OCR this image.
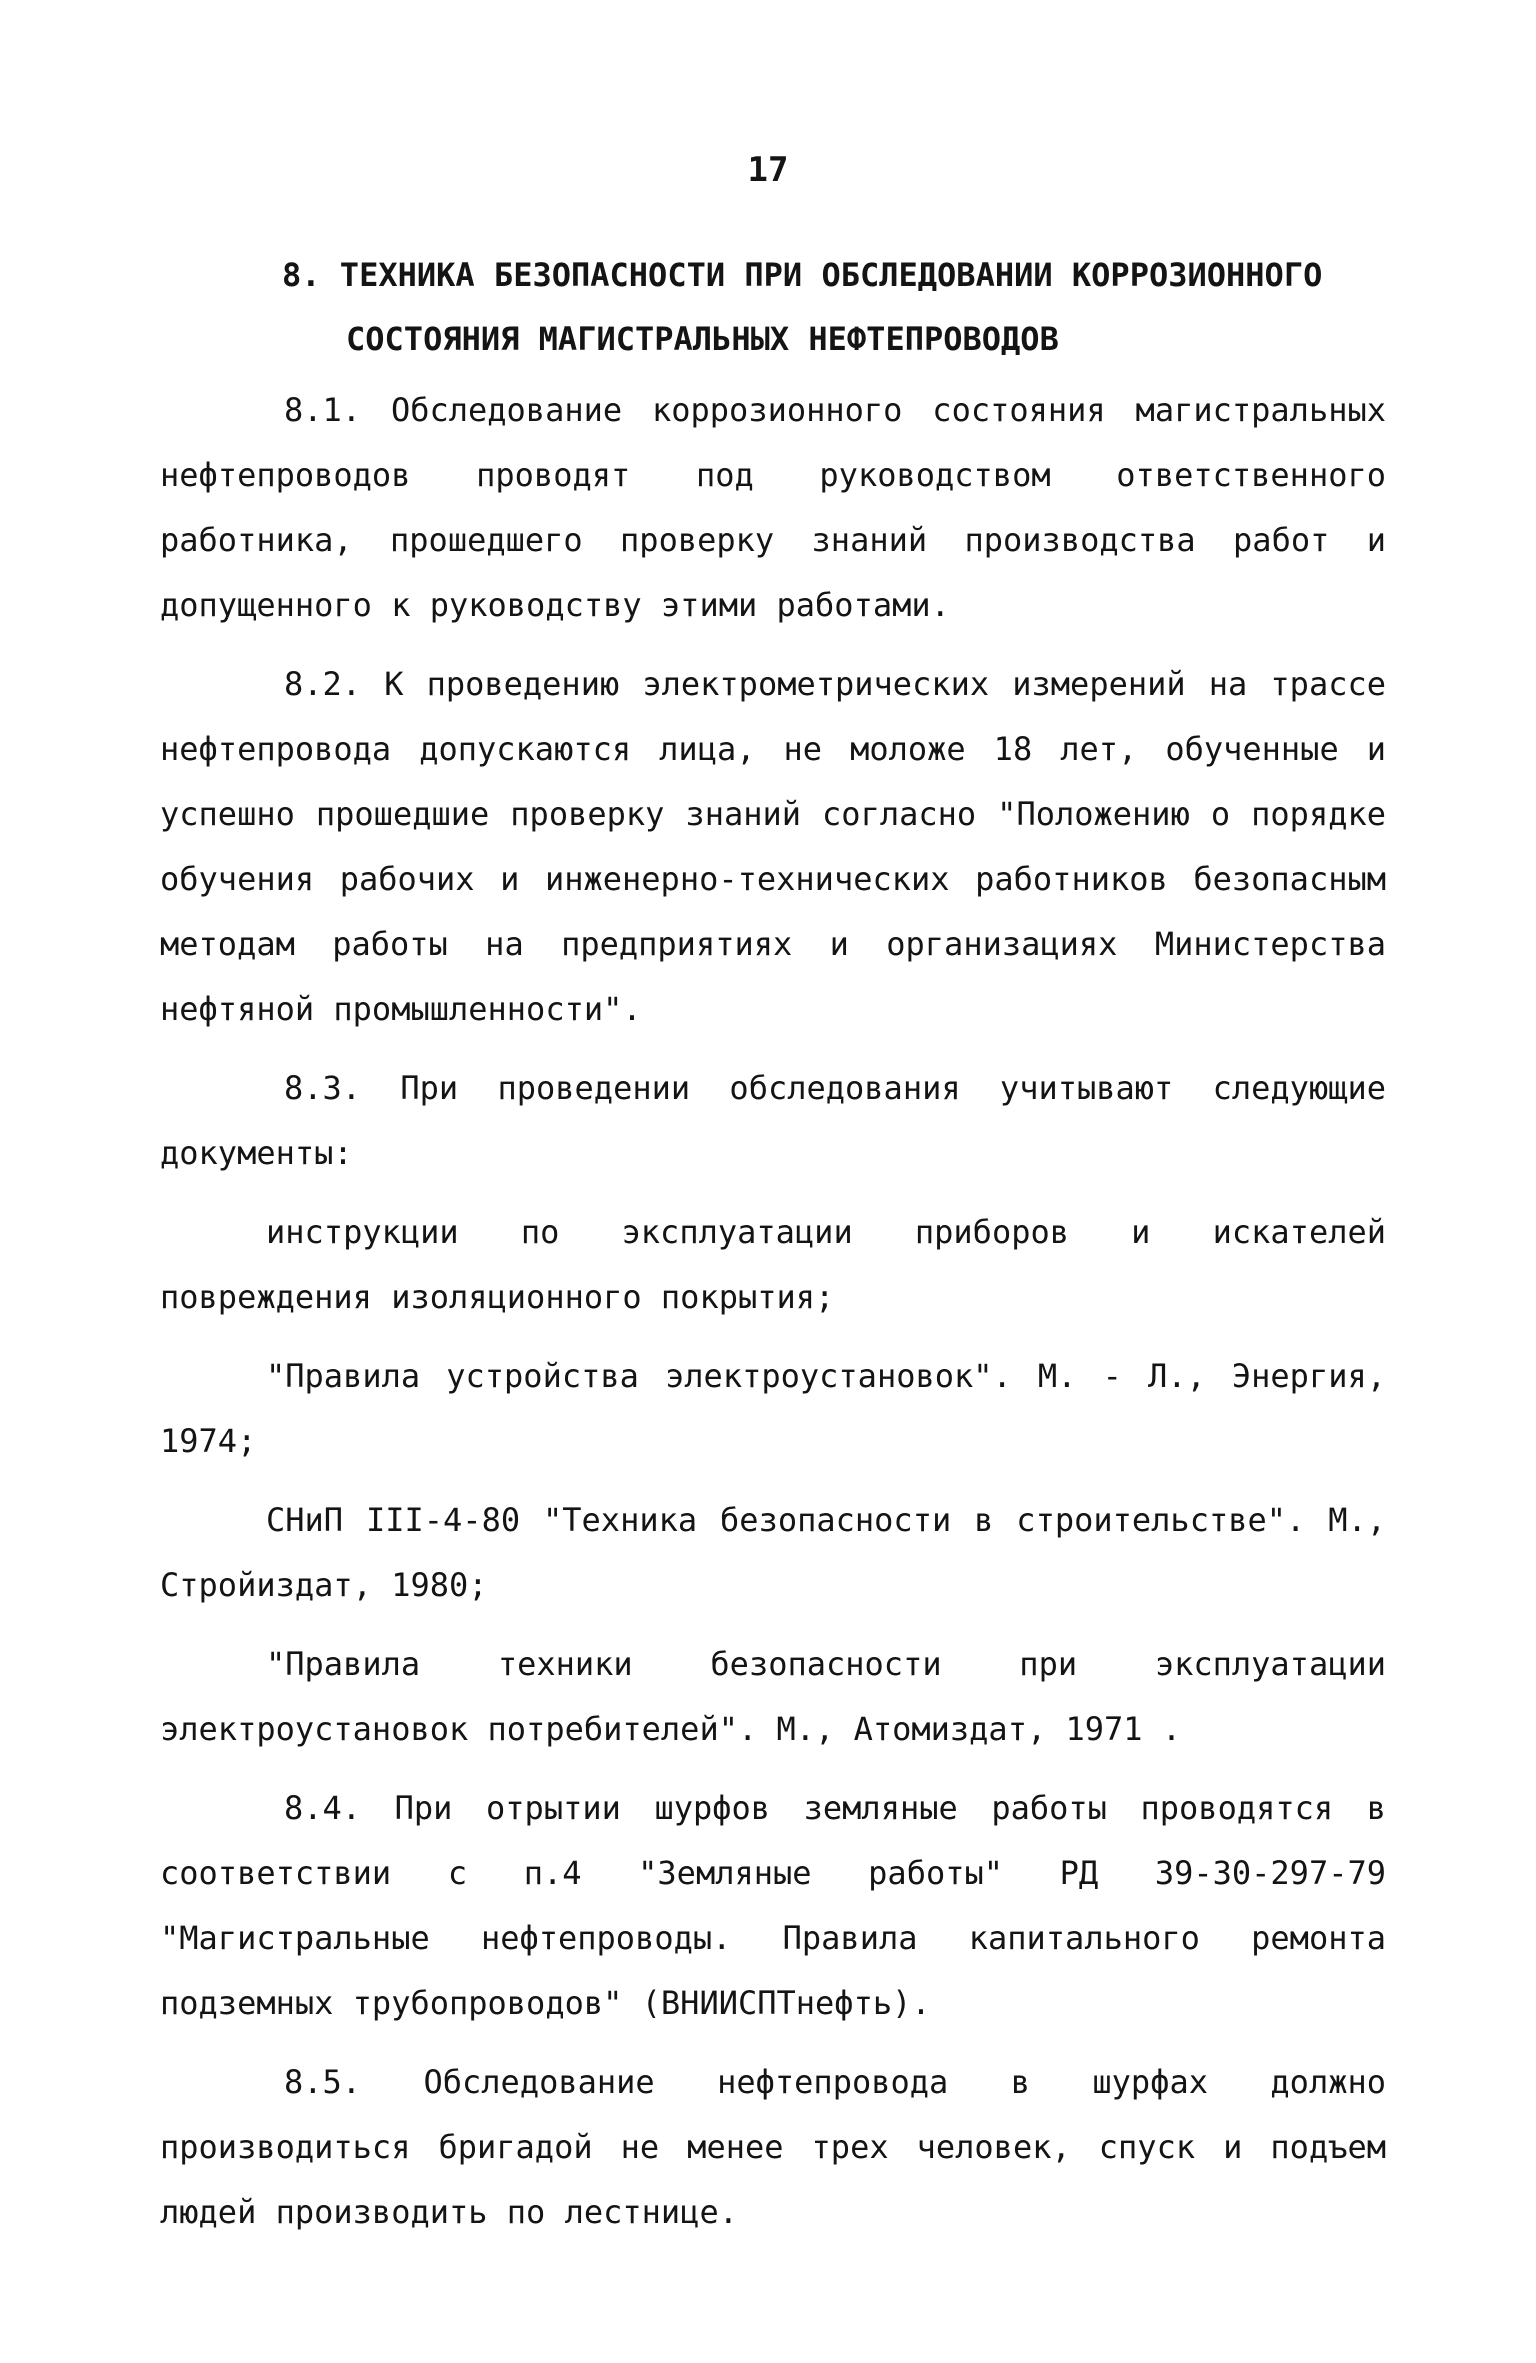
17
8. ТЕХНИКА БЕЗОПАСНОСТИ ПРИ ОБСЛЕДОВАНИИ КОРРОЗИОННОГО
СОСТОЯНИЯ МАГИСТРАЛЬНЫХ НЕФТЕПРОВОДОВ

8.1. Обследование коррозионного состояния магистральных нефтепроводов проводят под руководством ответственного работника, прошедшего проверку знаний производства работ и допущенного к руководству этими работами.

8.2. К проведению электрометрических измерений на трассе нефтепровода допускаются лица, не моложе 18 лет, обученные и успешно прошедшие проверку знаний согласно "Положению о порядке обучения рабочих и инженерно-технических работников безопасным методам работы на предприятиях и организациях Министерства нефтяной промышленности".

8.3. При проведении обследования учитывают следующие документы:

инструкции по эксплуатации приборов и искателей повреждения изоляционного покрытия;

"Правила устройства электроустановок". М. - Л., Энергия, 1974;

СНиП III-4-80 "Техника безопасности в строительстве". М., Стройиздат, 1980;

"Правила техники безопасности при эксплуатации электроустановок потребителей". М., Атомиздат, 1971 .

8.4. При отрытии шурфов земляные работы проводятся в соответствии с п.4 "Земляные работы" РД 39-30-297-79 "Магистральные нефтепроводы. Правила капитального ремонта подземных трубопроводов" (ВНИИСПТнефть).

8.5. Обследование нефтепровода в шурфах должно производиться бригадой не менее трех человек, спуск и подъем людей производить по лестнице.
